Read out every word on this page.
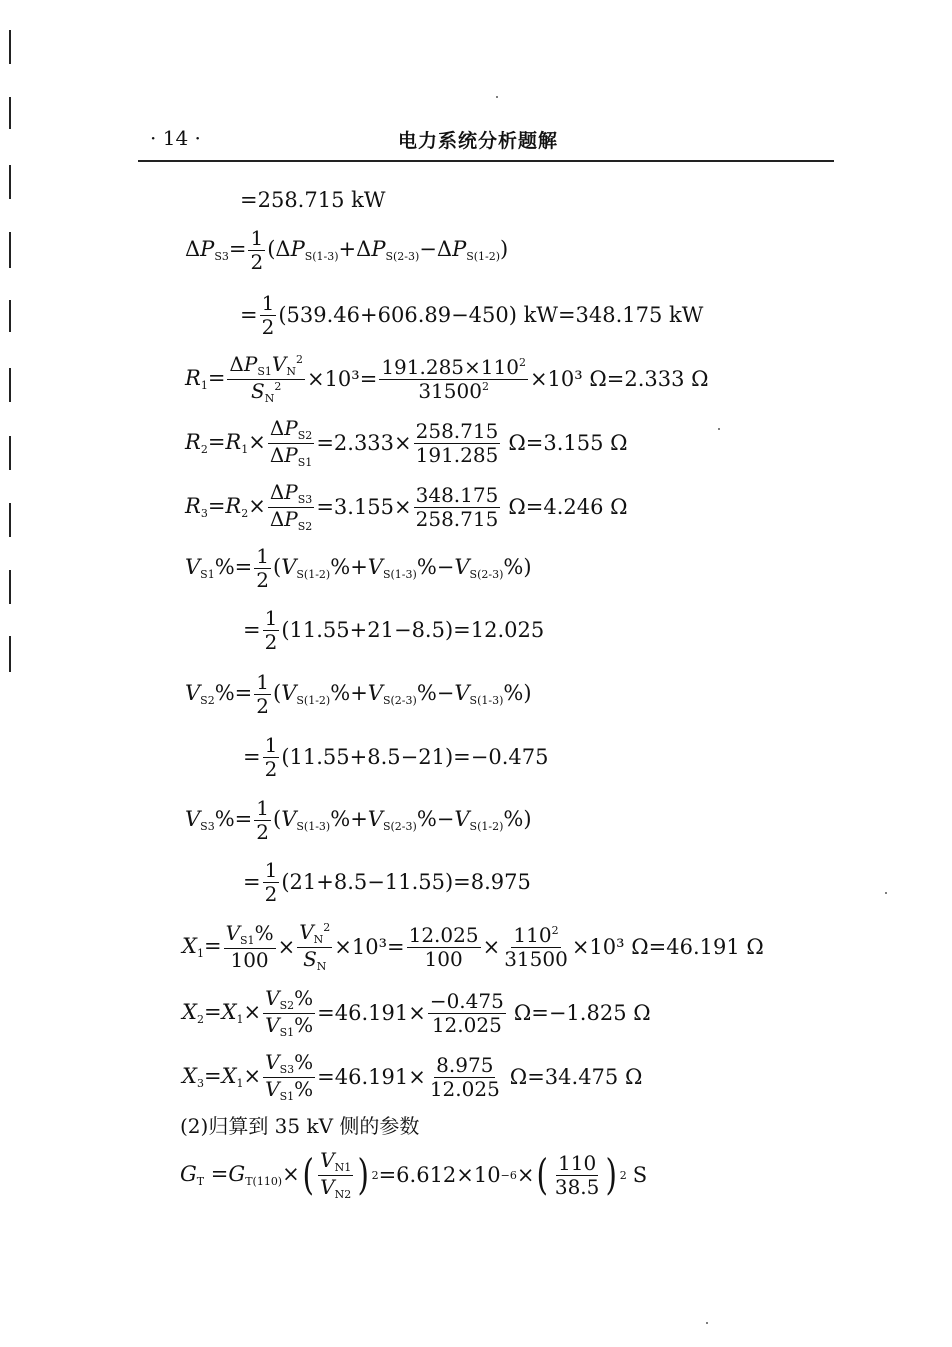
· 14 ·	电力系统分析题解
=258.715 kW
$\Delta P_{S3}= \frac{1}{2} (\Delta P_{S(1-3)}+\Delta P_{S(2-3)}-\Delta P_{S(1-2)})$
= $\frac{1}{2} (539.46+606.89-450)$ kW=348.175 kW
$R_1= \frac{\Delta P_{S1}V_N^2}{S_N^2} \times 10^3= \frac{191.285\times 110^2}{31500^2} \times 10^3$ Ω=2.333 Ω
$R_2=R_1\times \frac{\Delta P_{S2}}{\Delta P_{S1}} =2.333\times \frac{258.715}{191.285} \Omega=3.155$ Ω
$R_3=R_2\times \frac{\Delta P_{S3}}{\Delta P_{S2}} =3.155\times \frac{348.175}{258.715} \Omega=4.246$ Ω
$V_{S1}\%= \frac{1}{2} (V_{S(1-2)}\%+V_{S(1-3)}\%-V_{S(2-3)}\%)$
= $\frac{1}{2} (11.55+21-8.5)=12.025$
$V_{S2}\%= \frac{1}{2} (V_{S(1-2)}\%+V_{S(2-3)}\%-V_{S(1-3)}\%)$
= $\frac{1}{2} (11.55+8.5-21)=-0.475$
$V_{S3}\%= \frac{1}{2} (V_{S(1-3)}\%+V_{S(2-3)}\%-V_{S(1-2)}\%)$
= $\frac{1}{2} (21+8.5-11.55)=8.975$
$X_1= \frac{V_{S1}\%}{100} \times \frac{V_N^2}{S_N} \times 10^3= \frac{12.025}{100} \times \frac{110^2}{31500} \times 10^3$ Ω=46.191 Ω
$X_2=X_1\times \frac{V_{S2}\%}{V_{S1}\%} =46.191\times \frac{-0.475}{12.025} \Omega=-1.825$ Ω
$X_3=X_1\times \frac{V_{S3}\%}{V_{S1}\%} =46.191\times \frac{8.975}{12.025} \Omega=34.475$ Ω
(2)归算到 35 kV 侧的参数
$G_T =G_{T(110)}\times$ ( $\frac{V_{N1}}{V_{N2}}$ ) 2 =6.612×10 −6 × ( $\frac{110}{38.5}$ ) 2 S
